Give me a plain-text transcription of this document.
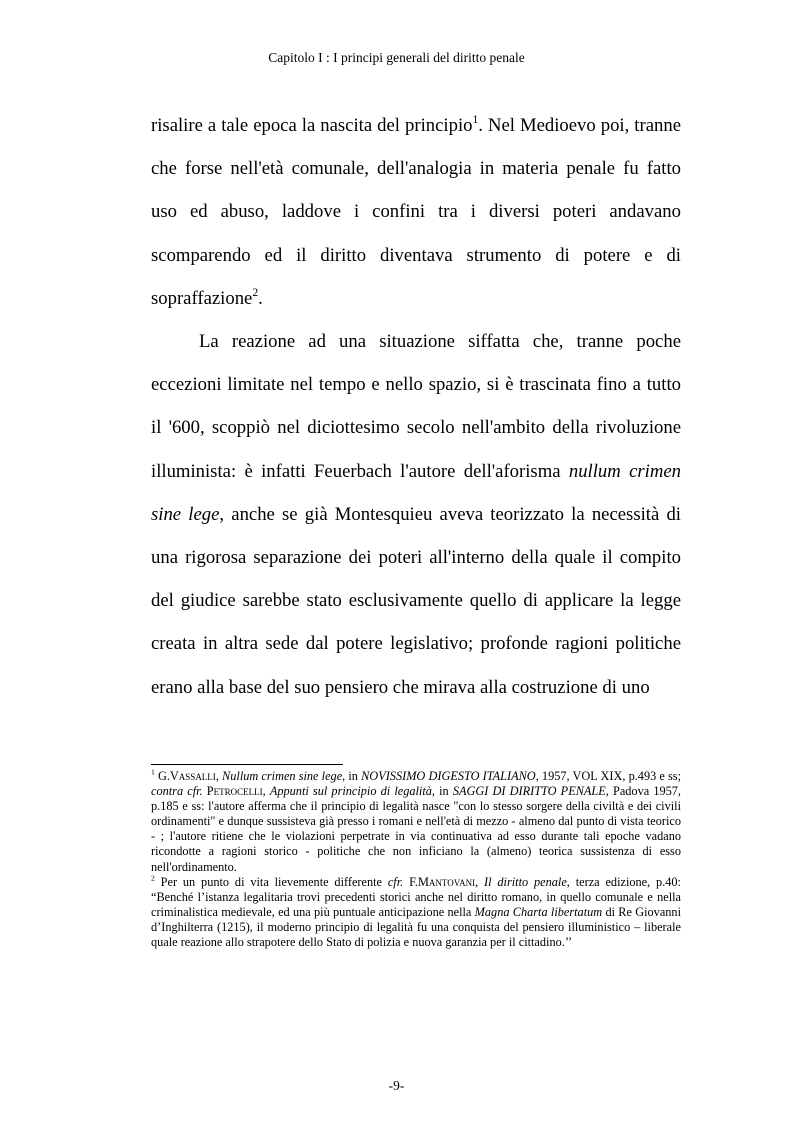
Capitolo I : I principi generali del diritto penale

risalire a tale epoca la nascita del principio$^1$. Nel Medioevo poi, tranne che forse nell'età comunale, dell'analogia in materia penale fu fatto uso ed abuso, laddove i confini tra i diversi poteri andavano scomparendo ed il diritto diventava strumento di potere e di sopraffazione$^2$.

La reazione ad una situazione siffatta che, tranne poche eccezioni limitate nel tempo e nello spazio, si è trascinata fino a tutto il '600, scoppiò nel diciottesimo secolo nell'ambito della rivoluzione illuminista: è infatti Feuerbach l'autore dell'aforisma nullum crimen sine lege, anche se già Montesquieu aveva teorizzato la necessità di una rigorosa separazione dei poteri all'interno della quale il compito del giudice sarebbe stato esclusivamente quello di applicare la legge creata in altra sede dal potere legislativo; profonde ragioni politiche erano alla base del suo pensiero che mirava alla costruzione di uno

$^1$ G.Vassalli, Nullum crimen sine lege, in NOVISSIMO DIGESTO ITALIANO, 1957, VOL XIX, p.493 e ss; contra cfr. Petrocelli, Appunti sul principio di legalità, in SAGGI DI DIRITTO PENALE, Padova 1957, p.185 e ss: l'autore afferma che il principio di legalità nasce "con lo stesso sorgere della civiltà e dei civili ordinamenti" e dunque sussisteva già presso i romani e nell'età di mezzo - almeno dal punto di vista teorico - ; l'autore ritiene che le violazioni perpetrate in via continuativa ad esso durante tali epoche vadano ricondotte a ragioni storico - politiche che non inficiano la (almeno) teorica sussistenza di esso nell'ordinamento.

$^2$ Per un punto di vita lievemente differente cfr. F.Mantovani, Il diritto penale, terza edizione, p.40: “Benché l’istanza legalitaria trovi precedenti storici anche nel diritto romano, in quello comunale e nella criminalistica medievale, ed una più puntuale anticipazione nella Magna Charta libertatum di Re Giovanni d’Inghilterra (1215), il moderno principio di legalità fu una conquista del pensiero illuministico – liberale quale reazione allo strapotere dello Stato di polizia e nuova garanzia per il cittadino.’’

-9-
